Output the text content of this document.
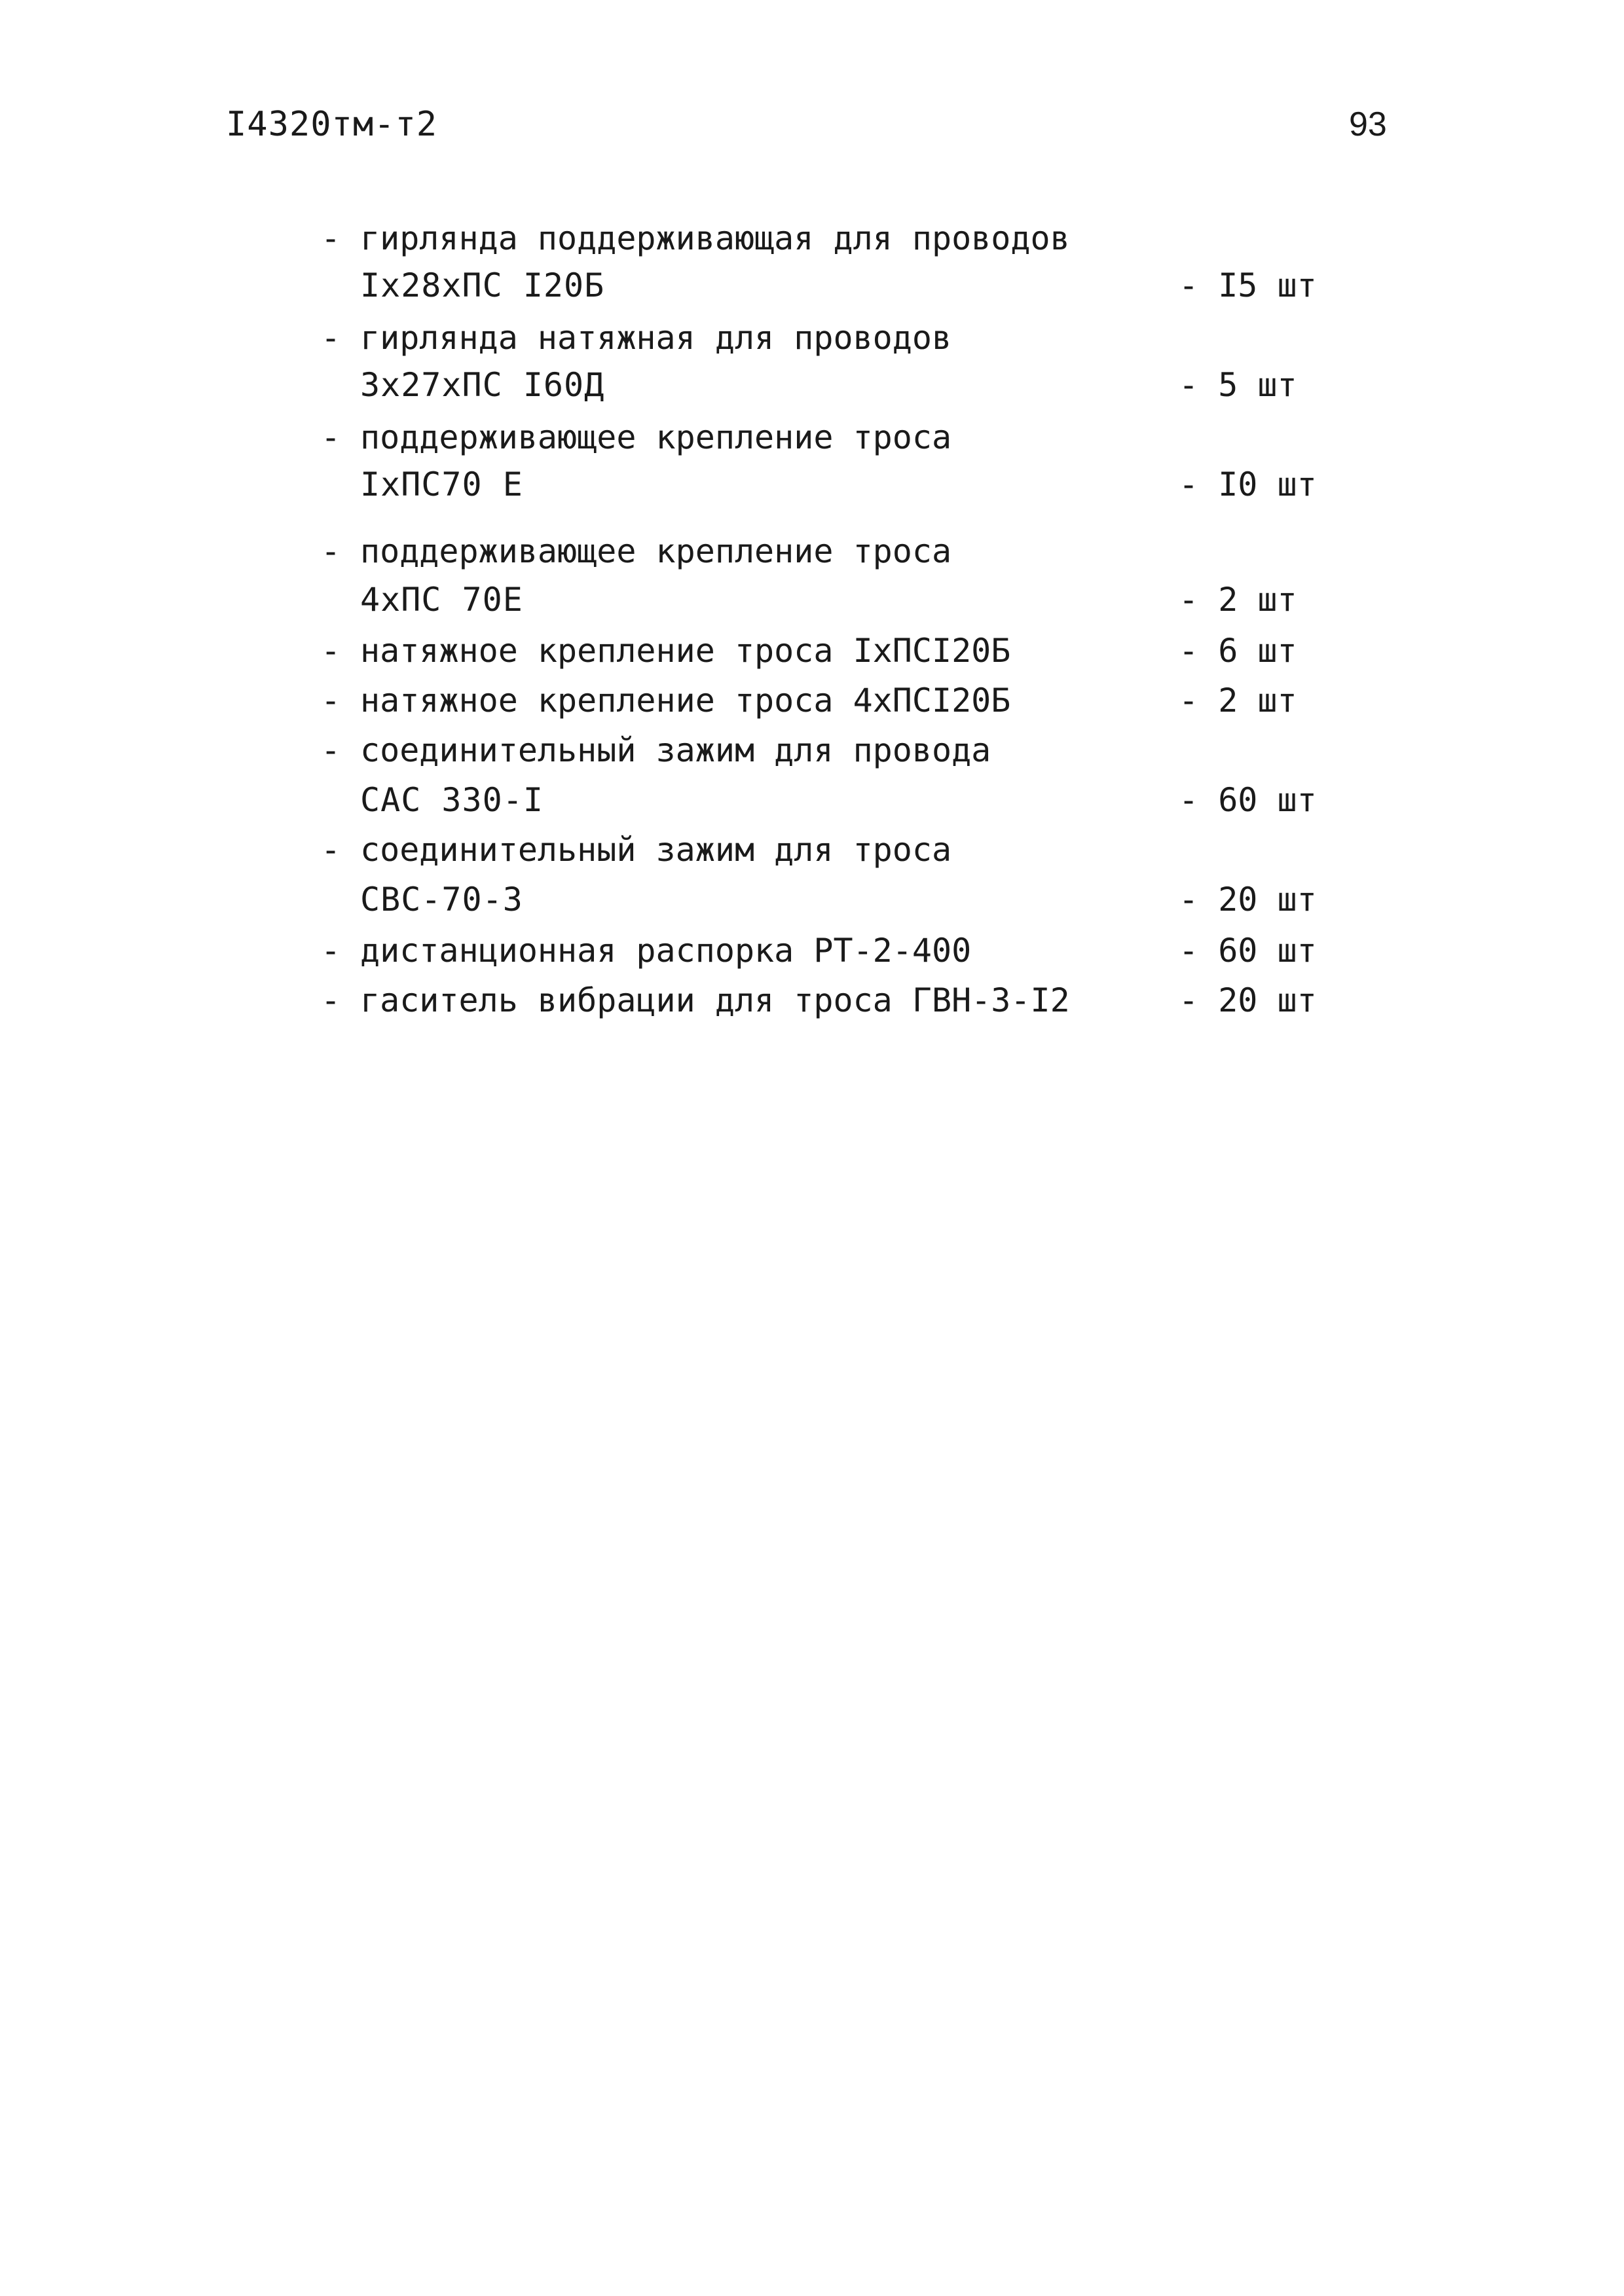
I4320тм-т2	93
- гирлянда поддерживающая для проводов
Iх28хПС I20Б	- I5 шт
- гирлянда натяжная для проводов
3х27хПС I60Д	- 5 шт
- поддерживающее крепление троса
IхПС70 Е	- I0 шт
- поддерживающее крепление троса
4хПС 70Е	- 2 шт
- натяжное крепление троса IхПСI20Б	- 6 шт
- натяжное крепление троса 4хПСI20Б	- 2 шт
- соединительный зажим для провода
САС 330-I	- 60 шт
- соединительный зажим для троса
СВС-70-3	- 20 шт
- дистанционная распорка РТ-2-400	- 60 шт
- гаситель вибрации для троса ГВН-3-I2	- 20 шт
